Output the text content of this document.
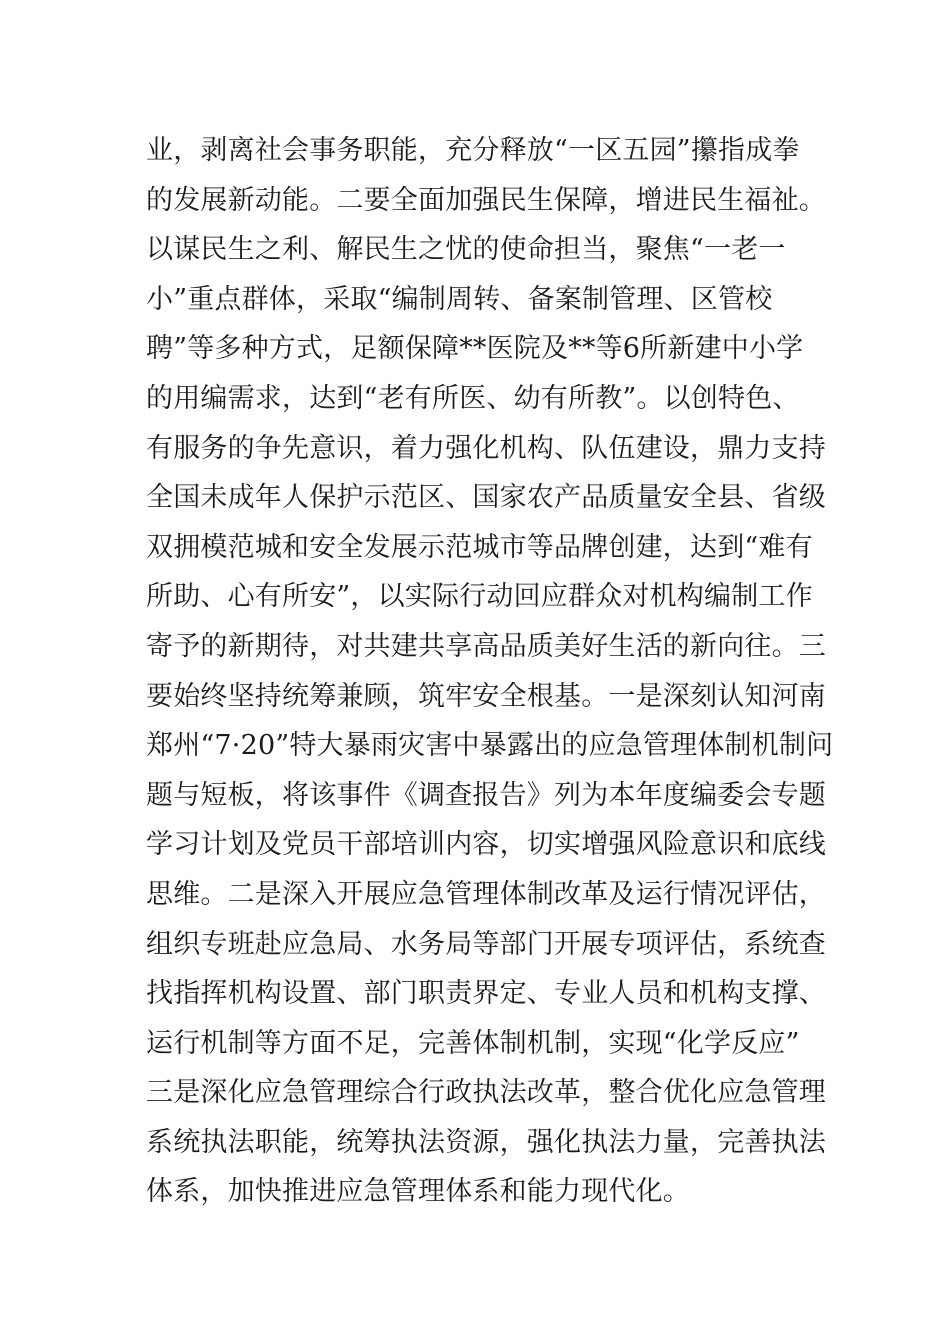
业，剥离社会事务职能，充分释放“一区五园”攥指成拳
的发展新动能。二要全面加强民生保障，增进民生福祉。
以谋民生之利、解民生之忧的使命担当，聚焦“一老一
小”重点群体，采取“编制周转、备案制管理、区管校
聘”等多种方式，足额保障**医院及**等6所新建中小学
的用编需求，达到“老有所医、幼有所教”。以创特色、
有服务的争先意识，着力强化机构、队伍建设，鼎力支持
全国未成年人保护示范区、国家农产品质量安全县、省级
双拥模范城和安全发展示范城市等品牌创建，达到“难有
所助、心有所安”，以实际行动回应群众对机构编制工作
寄予的新期待，对共建共享高品质美好生活的新向往。三
要始终坚持统筹兼顾，筑牢安全根基。一是深刻认知河南
郑州“7·20”特大暴雨灾害中暴露出的应急管理体制机制问
题与短板，将该事件《调查报告》列为本年度编委会专题
学习计划及党员干部培训内容，切实增强风险意识和底线
思维。二是深入开展应急管理体制改革及运行情况评估，
组织专班赴应急局、水务局等部门开展专项评估，系统查
找指挥机构设置、部门职责界定、专业人员和机构支撑、
运行机制等方面不足，完善体制机制，实现“化学反应”
三是深化应急管理综合行政执法改革，整合优化应急管理
系统执法职能，统筹执法资源，强化执法力量，完善执法
体系，加快推进应急管理体系和能力现代化。
